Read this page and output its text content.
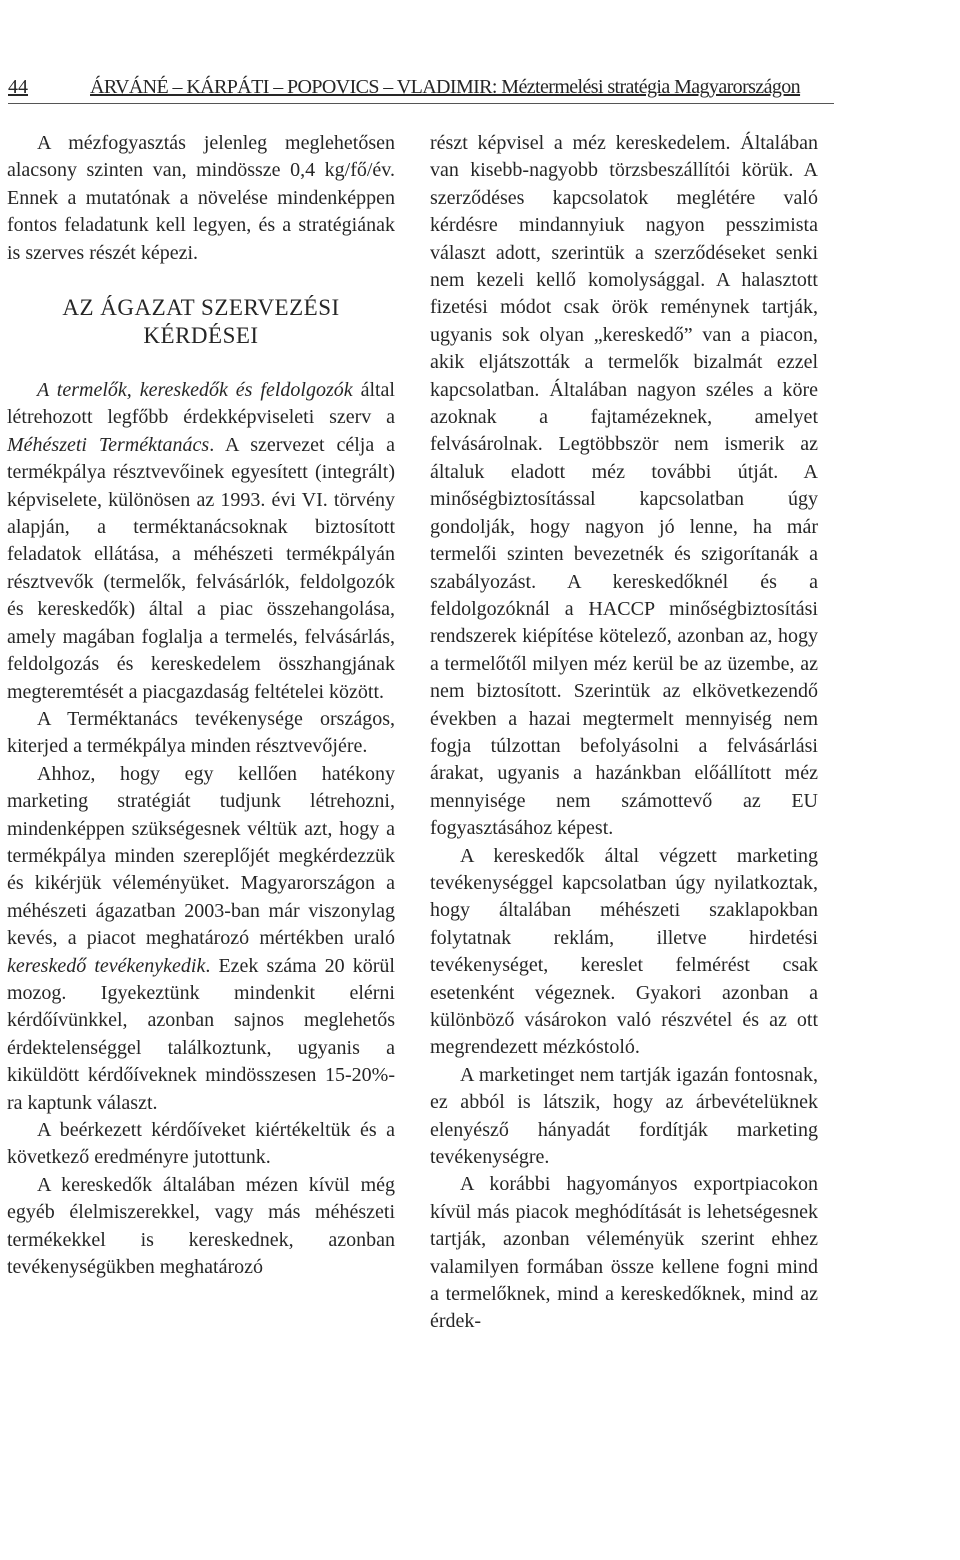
44	ÁRVÁNÉ – KÁRPÁTI – POPOVICS – VLADIMIR: Méztermelési stratégia Magyarországon

A mézfogyasztás jelenleg meglehetősen alacsony szinten van, mindössze 0,4 kg/fő/év. Ennek a mutatónak a növelése mindenképpen fontos feladatunk kell legyen, és a stratégiának is szerves részét képezi.

AZ ÁGAZAT SZERVEZÉSI
KÉRDÉSEI

A termelők, kereskedők és feldolgozók által létrehozott legfőbb érdekképviseleti szerv a Méhészeti Terméktanács. A szervezet célja a termékpálya résztvevőinek egyesített (integrált) képviselete, különösen az 1993. évi VI. törvény alapján, a terméktanácsoknak biztosított feladatok ellátása, a méhészeti termékpályán résztvevők (termelők, felvásárlók, feldolgozók és kereskedők) által a piac összehangolása, amely magában foglalja a termelés, felvásárlás, feldolgozás és kereskedelem összhangjának megteremtését a piacgazdaság feltételei között.

A Terméktanács tevékenysége országos, kiterjed a termékpálya minden résztvevőjére.

Ahhoz, hogy egy kellően hatékony marketing stratégiát tudjunk létrehozni, mindenképpen szükségesnek véltük azt, hogy a termékpálya minden szereplőjét megkérdezzük és kikérjük véleményüket. Magyarországon a méhészeti ágazatban 2003-ban már viszonylag kevés, a piacot meghatározó mértékben uraló kereskedő tevékenykedik. Ezek száma 20 körül mozog. Igyekeztünk mindenkit elérni kérdőívünkkel, azonban sajnos meglehetős érdektelenséggel találkoztunk, ugyanis a kiküldött kérdőíveknek mindösszesen 15-20%-ra kaptunk választ.

A beérkezett kérdőíveket kiértékeltük és a következő eredményre jutottunk.

A kereskedők általában mézen kívül még egyéb élelmiszerekkel, vagy más méhészeti termékekkel is kereskednek, azonban tevékenységükben meghatározó

részt képvisel a méz kereskedelem. Általában van kisebb-nagyobb törzsbeszállítói körük. A szerződéses kapcsolatok meglétére való kérdésre mindannyiuk nagyon pesszimista választ adott, szerintük a szerződéseket senki nem kezeli kellő komolysággal. A halasztott fizetési módot csak örök reménynek tartják, ugyanis sok olyan „kereskedő” van a piacon, akik eljátszották a termelők bizalmát ezzel kapcsolatban. Általában nagyon széles a köre azoknak a fajtamézeknek, amelyet felvásárolnak. Legtöbbször nem ismerik az általuk eladott méz további útját. A minőségbiztosítással kapcsolatban úgy gondolják, hogy nagyon jó lenne, ha már termelői szinten bevezetnék és szigorítanák a szabályozást. A kereskedőknél és a feldolgozóknál a HACCP minőségbiztosítási rendszerek kiépítése kötelező, azonban az, hogy a termelőtől milyen méz kerül be az üzembe, az nem biztosított. Szerintük az elkövetkezendő években a hazai megtermelt mennyiség nem fogja túlzottan befolyásolni a felvásárlási árakat, ugyanis a hazánkban előállított méz mennyisége nem számottevő az EU fogyasztásához képest.

A kereskedők által végzett marketing tevékenységgel kapcsolatban úgy nyilatkoztak, hogy általában méhészeti szaklapokban folytatnak reklám, illetve hirdetési tevékenységet, kereslet felmérést csak esetenként végeznek. Gyakori azonban a különböző vásárokon való részvétel és az ott megrendezett mézkóstoló.

A marketinget nem tartják igazán fontosnak, ez abból is látszik, hogy az árbevételüknek elenyésző hányadát fordítják marketing tevékenységre.

A korábbi hagyományos exportpiacokon kívül más piacok meghódítását is lehetségesnek tartják, azonban véleményük szerint ehhez valamilyen formában össze kellene fogni mind a termelőknek, mind a kereskedőknek, mind az érdek-
